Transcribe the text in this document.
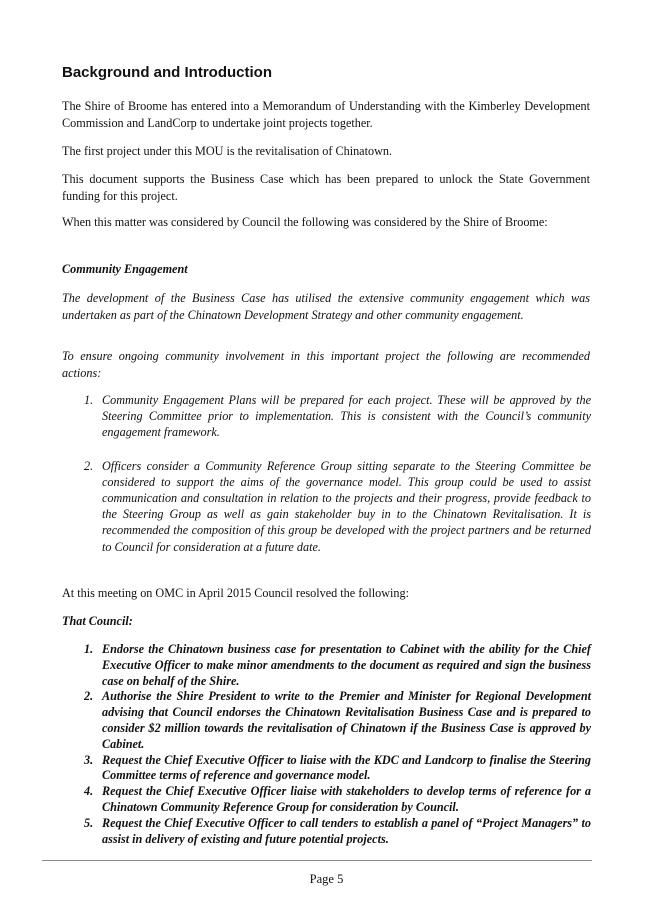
Background and Introduction

The Shire of Broome has entered into a Memorandum of Understanding with the Kimberley Development Commission and LandCorp to undertake joint projects together.

The first project under this MOU is the revitalisation of Chinatown.

This document supports the Business Case which has been prepared to unlock the State Government funding for this project.

When this matter was considered by Council the following was considered by the Shire of Broome:

Community Engagement

The development of the Business Case has utilised the extensive community engagement which was undertaken as part of the Chinatown Development Strategy and other community engagement.

To ensure ongoing community involvement in this important project the following are recommended actions:

1. Community Engagement Plans will be prepared for each project. These will be approved by the Steering Committee prior to implementation. This is consistent with the Council’s community engagement framework.
2. Officers consider a Community Reference Group sitting separate to the Steering Committee be considered to support the aims of the governance model. This group could be used to assist communication and consultation in relation to the projects and their progress, provide feedback to the Steering Group as well as gain stakeholder buy in to the Chinatown Revitalisation. It is recommended the composition of this group be developed with the project partners and be returned to Council for consideration at a future date.

At this meeting on OMC in April 2015 Council resolved the following:

That Council:

1. Endorse the Chinatown business case for presentation to Cabinet with the ability for the Chief Executive Officer to make minor amendments to the document as required and sign the business case on behalf of the Shire.
2. Authorise the Shire President to write to the Premier and Minister for Regional Development advising that Council endorses the Chinatown Revitalisation Business Case and is prepared to consider $2 million towards the revitalisation of Chinatown if the Business Case is approved by Cabinet.
3. Request the Chief Executive Officer to liaise with the KDC and Landcorp to finalise the Steering Committee terms of reference and governance model.
4. Request the Chief Executive Officer liaise with stakeholders to develop terms of reference for a Chinatown Community Reference Group for consideration by Council.
5. Request the Chief Executive Officer to call tenders to establish a panel of “Project Managers” to assist in delivery of existing and future potential projects.
Page 5
